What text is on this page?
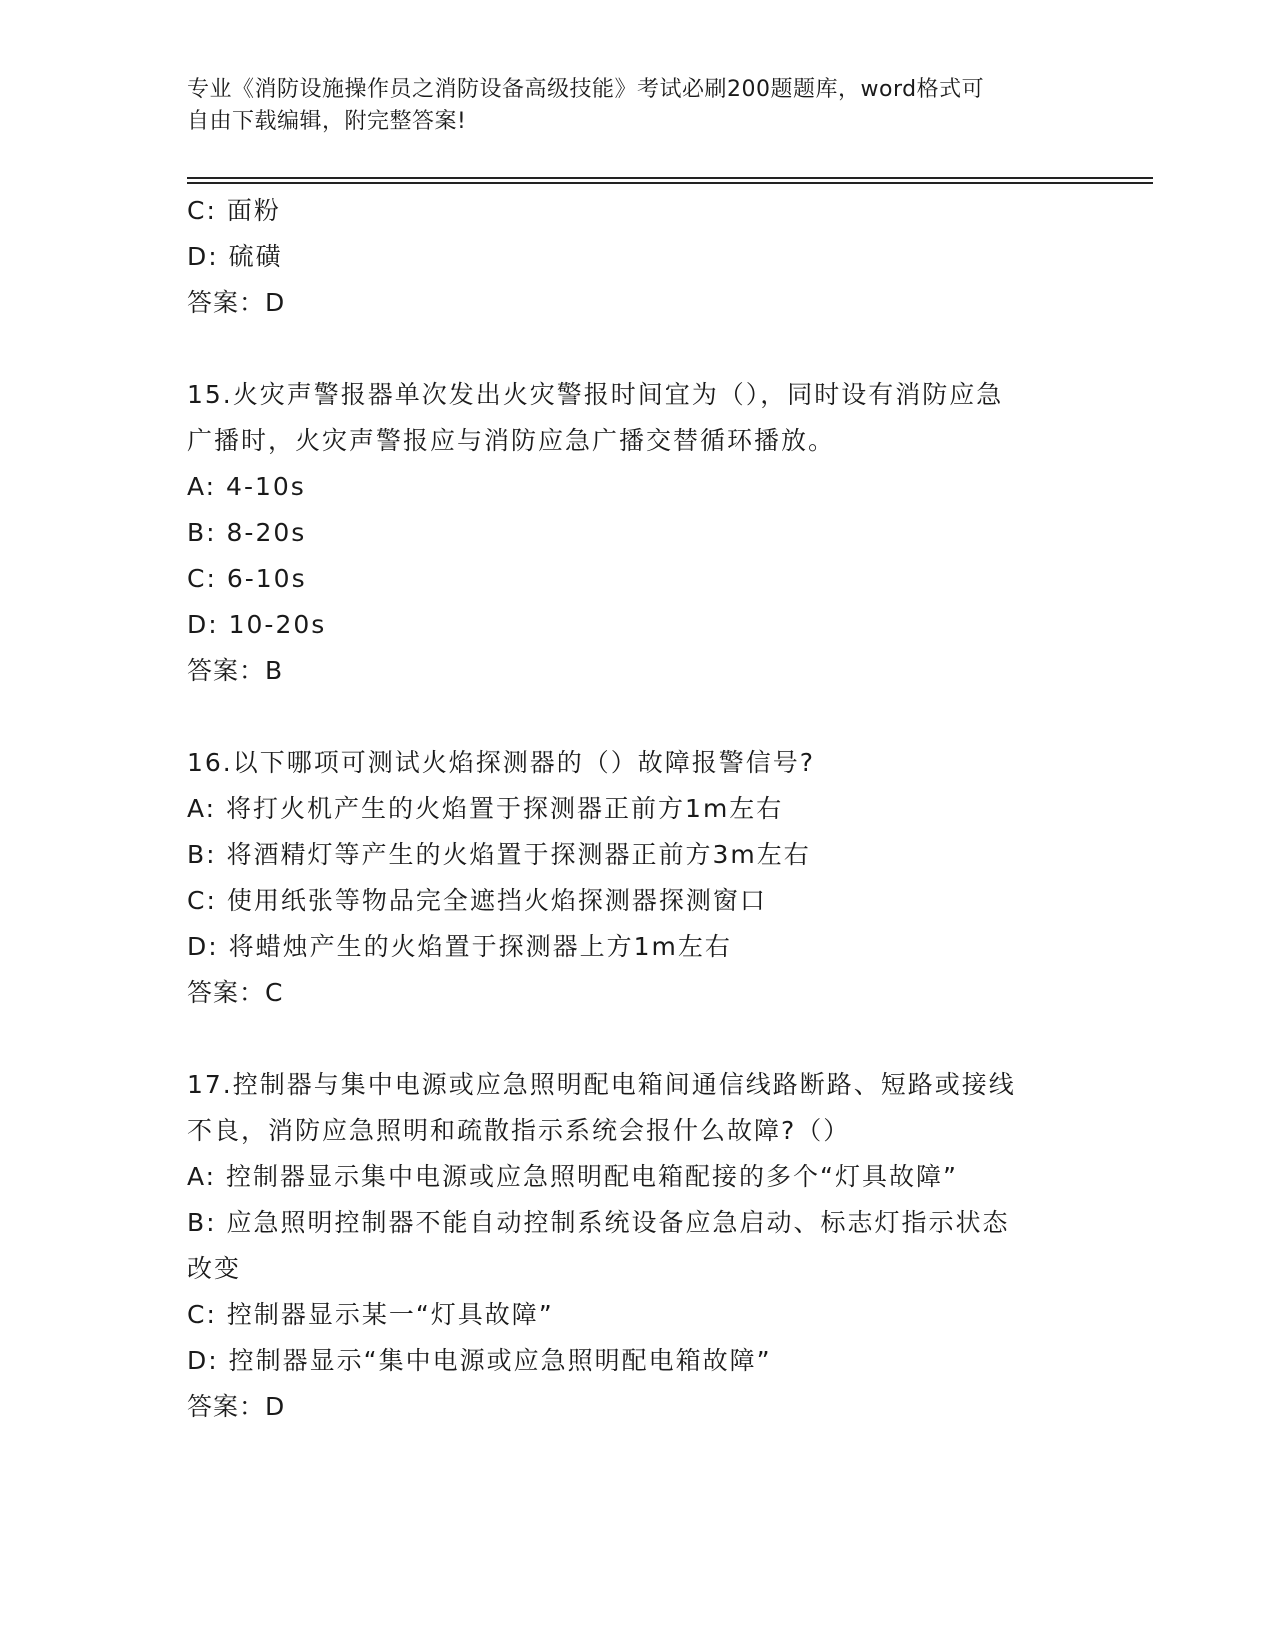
专业《消防设施操作员之消防设备高级技能》考试必刷200题题库，word格式可
自由下载编辑，附完整答案!
C: 面粉
D: 硫磺
答案：D
15.火灾声警报器单次发出火灾警报时间宜为（），同时设有消防应急
广播时，火灾声警报应与消防应急广播交替循环播放。
A: 4-10s
B: 8-20s
C: 6-10s
D: 10-20s
答案：B
16.以下哪项可测试火焰探测器的（）故障报警信号?
A: 将打火机产生的火焰置于探测器正前方1m左右
B: 将酒精灯等产生的火焰置于探测器正前方3m左右
C: 使用纸张等物品完全遮挡火焰探测器探测窗口
D: 将蜡烛产生的火焰置于探测器上方1m左右
答案：C
17.控制器与集中电源或应急照明配电箱间通信线路断路、短路或接线
不良，消防应急照明和疏散指示系统会报什么故障?（）
A: 控制器显示集中电源或应急照明配电箱配接的多个“灯具故障”
B: 应急照明控制器不能自动控制系统设备应急启动、标志灯指示状态
改变
C: 控制器显示某一“灯具故障”
D: 控制器显示“集中电源或应急照明配电箱故障”
答案：D
